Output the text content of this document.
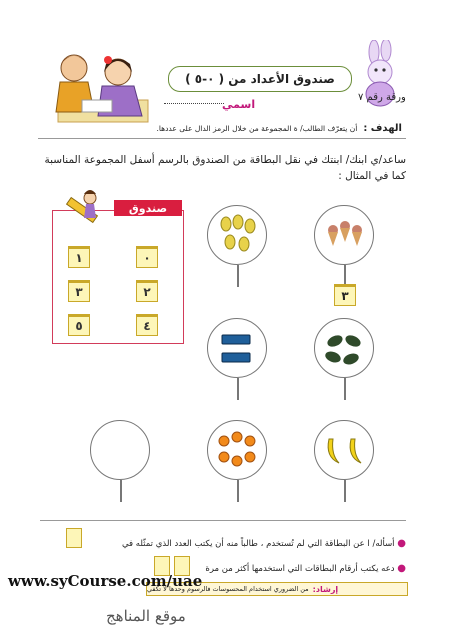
صندوق الأعداد من ( ٠-٥ )
ورقة رقم ٧
اسمي
الهدف :
أن يتعرّف الطالب/ ة المجموعة من خلال الرمز الدال على عددها.
ساعد/ي ابنك/ ابنتك في نقل البطاقة من الصندوق بالرسم أسفل المجموعة المناسبة كما في المثال :
صندوق
١	٠
٣	٢
٥	٤
٣
● أسأله/ ا عن البطاقة التي لم تُستخدم ، طالباً منه أن يكتب العدد الذي تمثّله في
● دعه يكتب أرقام البطاقات التي استخدمها أكثر من مرة
إرشاد:
من الضروري استخدام المحسوسات فالرسوم وحدها لا تكفي
www.syCourse.com/uae
موقع المناهج
